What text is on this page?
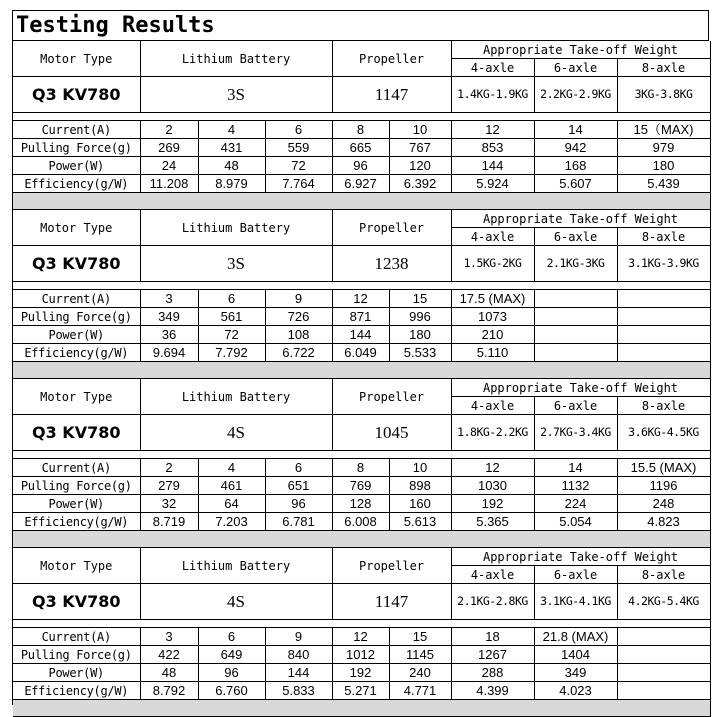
Testing Results
Motor Type	Lithium Battery			Propeller		Appropriate Take-off Weight		
						4-axle	6-axle	8-axle
Q3 KV780	3S			1147		1.4KG-1.9KG	2.2KG-2.9KG	3KG-3.8KG

Current(A)	2	4	6	8	10	12	14	15（MAX)
Pulling Force(g)	269	431	559	665	767	853	942	979
Power(W)	24	48	72	96	120	144	168	180
Efficiency(g/W)	11.208	8.979	7.764	6.927	6.392	5.924	5.607	5.439

Motor Type	Lithium Battery			Propeller		Appropriate Take-off Weight		
						4-axle	6-axle	8-axle
Q3 KV780	3S			1238		1.5KG-2KG	2.1KG-3KG	3.1KG-3.9KG

Current(A)	3	6	9	12	15	17.5 (MAX)		
Pulling Force(g)	349	561	726	871	996	1073		
Power(W)	36	72	108	144	180	210		
Efficiency(g/W)	9.694	7.792	6.722	6.049	5.533	5.110		

Motor Type	Lithium Battery			Propeller		Appropriate Take-off Weight		
						4-axle	6-axle	8-axle
Q3 KV780	4S			1045		1.8KG-2.2KG	2.7KG-3.4KG	3.6KG-4.5KG

Current(A)	2	4	6	8	10	12	14	15.5 (MAX)
Pulling Force(g)	279	461	651	769	898	1030	1132	1196
Power(W)	32	64	96	128	160	192	224	248
Efficiency(g/W)	8.719	7.203	6.781	6.008	5.613	5.365	5.054	4.823

Motor Type	Lithium Battery			Propeller		Appropriate Take-off Weight		
						4-axle	6-axle	8-axle
Q3 KV780	4S			1147		2.1KG-2.8KG	3.1KG-4.1KG	4.2KG-5.4KG

Current(A)	3	6	9	12	15	18	21.8 (MAX)	
Pulling Force(g)	422	649	840	1012	1145	1267	1404	
Power(W)	48	96	144	192	240	288	349	
Efficiency(g/W)	8.792	6.760	5.833	5.271	4.771	4.399	4.023	
